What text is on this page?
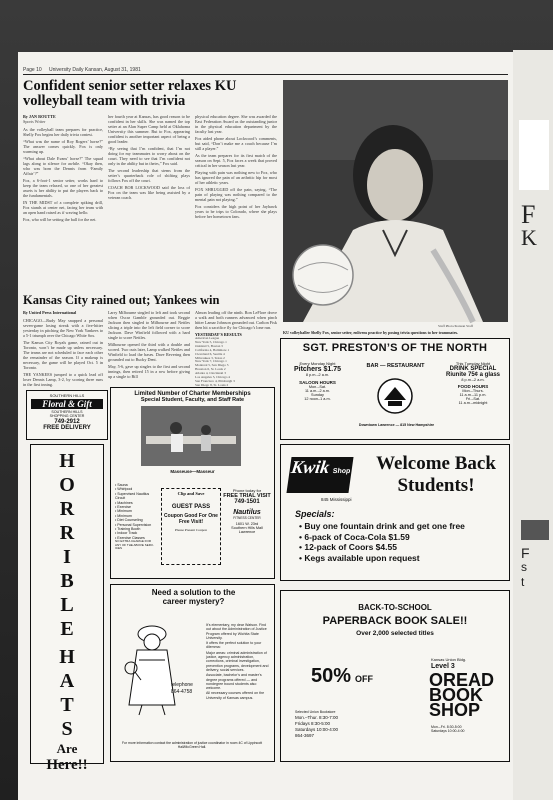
F
K
F
s
t
Page 10 University Daily Kansan, August 31, 1981
Confident senior setter relaxes KU volleyball team with trivia
By JAN ROUTTE
Sports Writer

As the volleyball team prepares for practice, Shelly Fox begins her daily trivia contest.

“What was the name of Roy Rogers’ horse?” The answer comes quickly. Fox is only warming up.

“What about Dale Evans’ horse?” The squad lags along to silence for awhile. “Okay then, who was born the Dennis from ‘Family Affair’?”

Fox, a 6-foot-1 senior setter, works hard to keep the team relaxed, so one of her greatest assets is her ability to put the players back to the fundamentals.

IN THE MIDST of a complete spiking drill, Fox stands at center net, facing her team with an open hand raised as if waving hello.

Fox, who will be setting the ball for the net.

her fourth year at Kansas, has good reason to be confident in her skills. She was named the top setter at an Alan Super Camp held at Oklahoma University this summer. But to Fox, appearing confident is another important aspect of being a good leader.

“By seeing that I’m confident, that I’m not doing for my teammates to worry about on the court. They need to see that I’m confident not only in the ability but in theirs,” Fox said.

The second leadership that stems from the setter’s quarterback role of shifting plays follows Fox off the court.

COACH BOB LOCKWOOD said the loss of Fox on the team was like being assisted by a veteran coach.

physical education degree. She was awarded the East Federation Award as the outstanding junior in the physical education department by the faculty last year.

Fox aided phone about Lockwood’s comments, but said, “Don’t make me a coach because I’m still a player.”

As the team prepares for its first match of the season on Sept. 5, Fox faces a week that proved critical in her season last year.

Playing with pain was nothing new to Fox, who has ignored the pain of an arthritic hip for most of her athletic years.

FOX SHRUGGED off the pain, saying, “The pain of playing was nothing compared to the mental pain not playing.”

Fox considers the high point of her Jayhawk years to be trips to Colorado, where she plays before her hometown fans.

Staff Photo/Kansan Staff
KU volleyballer Shelly Fox, senior setter, enlivens practice by posing trivia questions to her teammates.
Kansas City rained out; Yankees win
By United Press International

CHICAGO—Rudy May snapped a personal seven-game losing streak with a five-hitter yesterday in pitching the New York Yankees to a 5-1 triumph over the Chicago White Sox.

The Kansas City Royals game, rained out in Toronto, won’t be made up unless necessary. The teams are not scheduled to face each other the remainder of the season. If a makeup is necessary, the game will be played Oct. 5 in Toronto.

THE YANKEES jumped to a quick lead off loser Dennis Lamp, 3-2, by scoring three runs in the first inning.

Larry Milbourne singled to left and took second when Oscar Gamble grounded out. Reggie Jackson then singled to Milbourne and Nettles slicing a triple into the left field corner to score Jackson. Dave Winfield followed with a hard single to score Nettles.

Milbourne opened the third with a double and scored. Two outs later, Lamp walked Nettles and Winfield to load the bases. Dave Revering then grounded out to Bucky Dent.

May, 5-6, gave up singles to the first and second innings, then retired 15 in a row before giving up a single to Bill

Almon leading off the ninth. Ron LeFlore drove a walk and both runners advanced when pinch hitter Lamar Johnson grounded out. Carlton Fisk then hit a sacrifice fly for Chicago’s lone run.

YESTERDAY’S RESULTS
American League
New York 5, Chicago 1
Oakland 5, Boston 3
California 4, Baltimore 1
Cleveland 6, Seattle 4
Milwaukee 3, Texas 2
New York 7, Chicago 1
Montreal 5, San Diego 3
Houston 6, St. Louis 2
Atlanta 4, Cincinnati 3
Los Angeles 5, Chicago 4
San Francisco 4, Pittsburgh 3
San Diego 8, St. Louis 2
SOUTHERN HILLS
Floral & Gift
SOUTHERN HILLS SHOPPING CENTER
749-2912
FREE DELIVERY
H
O
R
R
I
B
L
E
H
A
T
S
Are
Here!!
Limited Number of Charter Memberships
Special Student, Faculty, and Staff Rate
Masseuse—Masseur
• Sauna
• Whirlpool
• Supervised Nautilus Circuit
• Machines
• Exercise
• Minimum
• Minimum
• Diet Counseling
• Personal Supervision
• Training Booth
• Indoor Track
• Exercise Classes
NO EXTRA CHARGE FOR ANY OF THE ABOVE SERV-ICES
Clip and Save
GUEST PASS
Coupon Good For One Free Visit!
Please Present Coupon
Phone today for
FREE TRIAL VISIT
749-1501
Nautilus
FITNESS CENTER
1601 W. 23rd
Southern Hills Mall
Lawrence
Need a solution to the career mystery?
telephone
864-4758
It’s elementary, my dear Watson. Find out about the Administration of Justice Program offered by Wichita State University.
It offers the perfect solution to your dilemma:
Major areas: criminal administration of justice, agency administration, corrections, criminal investigation, prevention programs, development and delivery, social services.
Associate, bachelor’s and master’s degree programs offered — and nondegree bound students also welcome.
All necessary courses offered on the University of Kansas campus.
For more information contact the administration of justice coordinator in room 4C of Lippincott Hall/McGreen Hall.
SGT. PRESTON’S OF THE NORTH
Every Monday Night
Pitchers $1.75
8 p.m.–2 a.m.
SALOON HOURS
Mon.–Sat.
11 a.m.–2 a.m.
Sunday
12 noon–1 a.m.
BAR — RESTAURANT
Downtown Lawrence — 815 New Hampshire
This Tuesday Night
DRINK SPECIAL
Riunite 75¢ a glass
8 p.m.–2 a.m.
FOOD HOURS
Mon.–Thurs.
11 a.m.–11 p.m.
Fri.–Sat.
11 a.m.–midnight
Kwik Shop
845 Mississippi
Welcome Back
Students!
Specials:
• Buy one fountain drink and get one free
• 6-pack of Coca-Cola $1.59
• 12-pack of Coors $4.55
• Kegs available upon request
BACK-TO-SCHOOL
PAPERBACK BOOK SALE!!
Over 2,000 selected titles
50% OFF
Selected Union Bookstore
Mon.–Thur. 8:30-7:00
Fridays 8:30-5:00
Saturdays 10:00-4:00
864-3697
Kansas Union Bldg.
Level 3
OREAD
BOOK
SHOP
Mon.–Fri. 8:30-5:00
Saturdays 10:00-4:00
